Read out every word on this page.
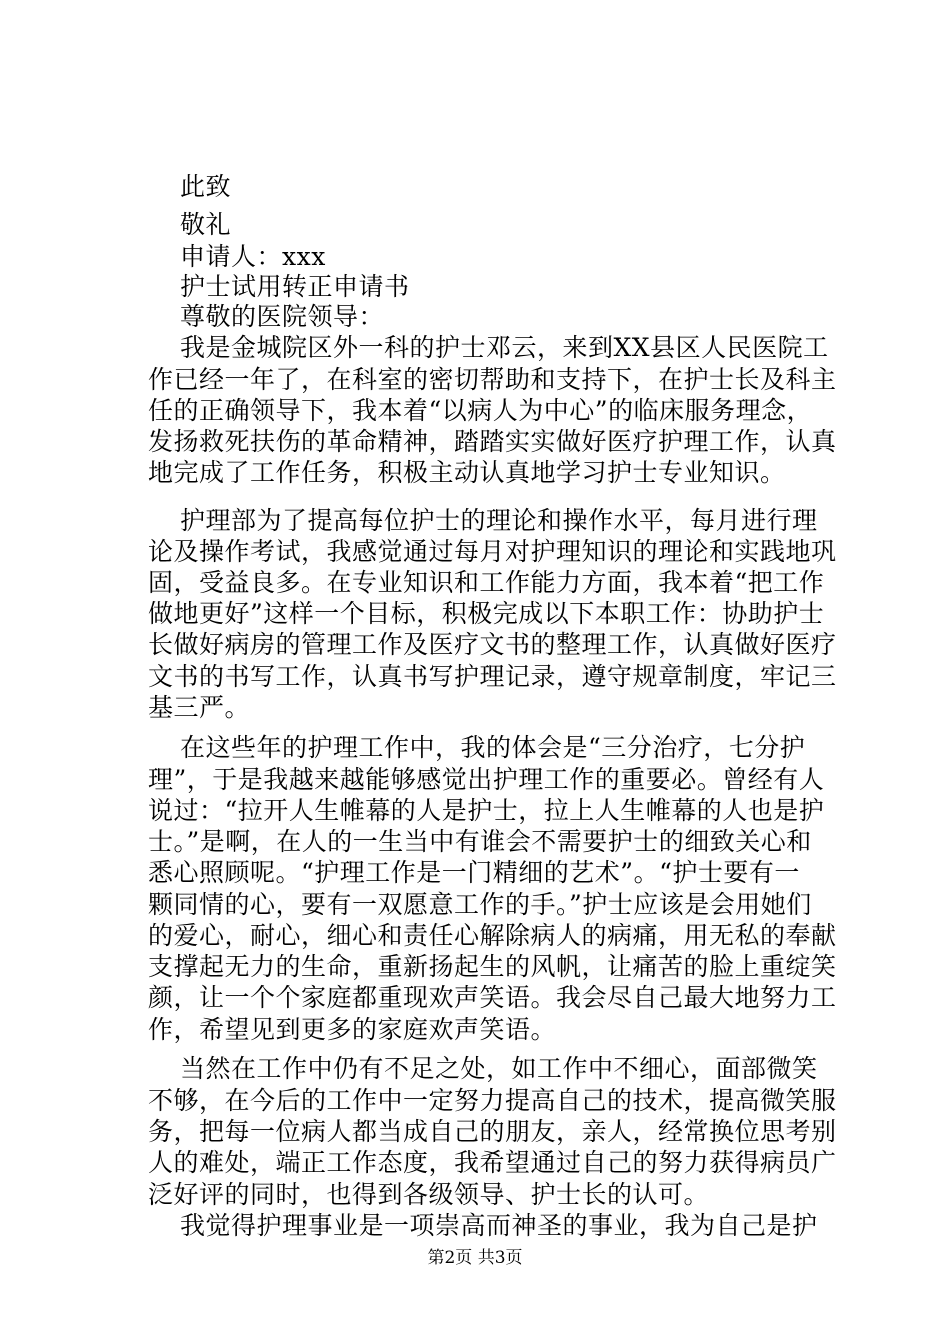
此致
敬礼
申请人：xxx
护士试用转正申请书
尊敬的医院领导：
我是金城院区外一科的护士邓云，来到XX县区人民医院工
作已经一年了，在科室的密切帮助和支持下，在护士长及科主
任的正确领导下，我本着“以病人为中心”的临床服务理念，
发扬救死扶伤的革命精神，踏踏实实做好医疗护理工作，认真
地完成了工作任务，积极主动认真地学习护士专业知识。
护理部为了提高每位护士的理论和操作水平，每月进行理
论及操作考试，我感觉通过每月对护理知识的理论和实践地巩
固，受益良多。在专业知识和工作能力方面，我本着“把工作
做地更好”这样一个目标，积极完成以下本职工作：协助护士
长做好病房的管理工作及医疗文书的整理工作，认真做好医疗
文书的书写工作，认真书写护理记录，遵守规章制度，牢记三
基三严。
在这些年的护理工作中，我的体会是“三分治疗，七分护
理”，于是我越来越能够感觉出护理工作的重要必。曾经有人
说过：“拉开人生帷幕的人是护士，拉上人生帷幕的人也是护
士。”是啊，在人的一生当中有谁会不需要护士的细致关心和
悉心照顾呢。“护理工作是一门精细的艺术”。“护士要有一
颗同情的心，要有一双愿意工作的手。”护士应该是会用她们
的爱心，耐心，细心和责任心解除病人的病痛，用无私的奉献
支撑起无力的生命，重新扬起生的风帆，让痛苦的脸上重绽笑
颜，让一个个家庭都重现欢声笑语。我会尽自己最大地努力工
作，希望见到更多的家庭欢声笑语。
当然在工作中仍有不足之处，如工作中不细心，面部微笑
不够，在今后的工作中一定努力提高自己的技术，提高微笑服
务，把每一位病人都当成自己的朋友，亲人，经常换位思考别
人的难处，端正工作态度，我希望通过自己的努力获得病员广
泛好评的同时，也得到各级领导、护士长的认可。
我觉得护理事业是一项崇高而神圣的事业，我为自己是护
第2页 共3页
